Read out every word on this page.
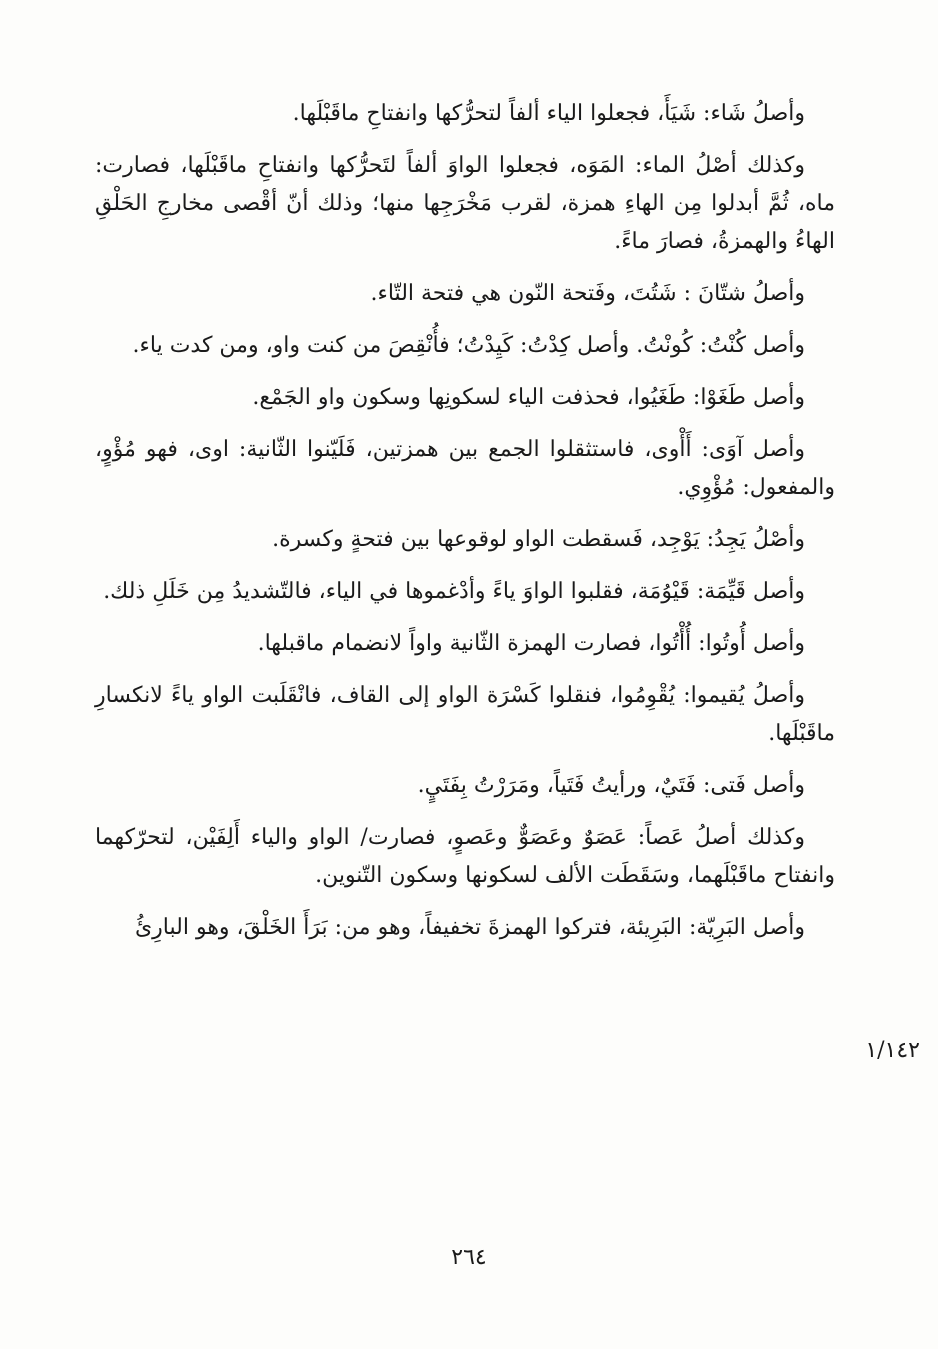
وأصلُ شَاء: شَيَأَ، فجعلوا الياء ألفاً لتحرُّكها وانفتاحِ ماقَبْلَها.

وكذلك أصْلُ الماء: المَوَه، فجعلوا الواوَ ألفاً لتَحرُّكها وانفتاحِ ماقَبْلَها، فصارت: ماه، ثُمَّ أبدلوا مِن الهاءِ همزة، لقرب مَخْرَجِها منها؛ وذلك أنّ أقْصى مخارجِ الحَلْقِ الهاءُ والهمزةُ، فصارَ ماءً.

وأصلُ شتّانَ : شَتُتَ، وفَتحة النّون هي فتحة التّاء.

وأصل كُنْتُ: كُونْتُ. وأصل كِدْتُ: كَيِدْتُ؛ فأُنْقِصَ من كنت واو، ومن كدت ياء.

وأصل طَغَوْا: طَغَيُوا، فحذفت الياء لسكونِها وسكون واو الجَمْع.

وأصل آوَى: أَأْوى، فاستثقلوا الجمع بين همزتين، فَلَيّنوا الثّانية: اوى، فهو مُؤْوٍ، والمفعول: مُؤْوِي.

وأصْلُ يَجِدُ: يَوْجِد، فَسقطت الواو لوقوعها بين فتحةٍ وكسرة.

وأصل قَيِّمَة: قَيْوُمَة، فقلبوا الواوَ ياءً وأدْغموها في الياء، فالتّشديدُ مِن خَلَلِ ذلك.

وأصل أُوتُوا: أُأْتُوا، فصارت الهمزة الثّانية واواً لانضمام ماقبلها.

وأصلُ يُقيموا: يُقْوِمُوا، فنقلوا كَسْرَة الواو إلى القاف، فانْقَلَبت الواو ياءً لانكسارِ ماقَبْلَها.

وأصل فَتى: فَتَيٌ، ورأيتُ فَتَياً، ومَرَرْتُ بِفَتَيٍ.

وكذلك أصلُ عَصاً: عَصَوٌ وعَصَوٌّ وعَصوٍ، فصارت/ الواو والياء أَلِفَيْن، لتحرّكهما وانفتاح ماقَبْلَهما، وسَقَطَت الألف لسكونها وسكون التّنوين.

وأصل البَرِيّة: البَرِيئة، فتركوا الهمزةَ تخفيفاً، وهو من: بَرَأَ الخَلْقَ، وهو البارِئُ

١/١٤٢
٢٦٤
